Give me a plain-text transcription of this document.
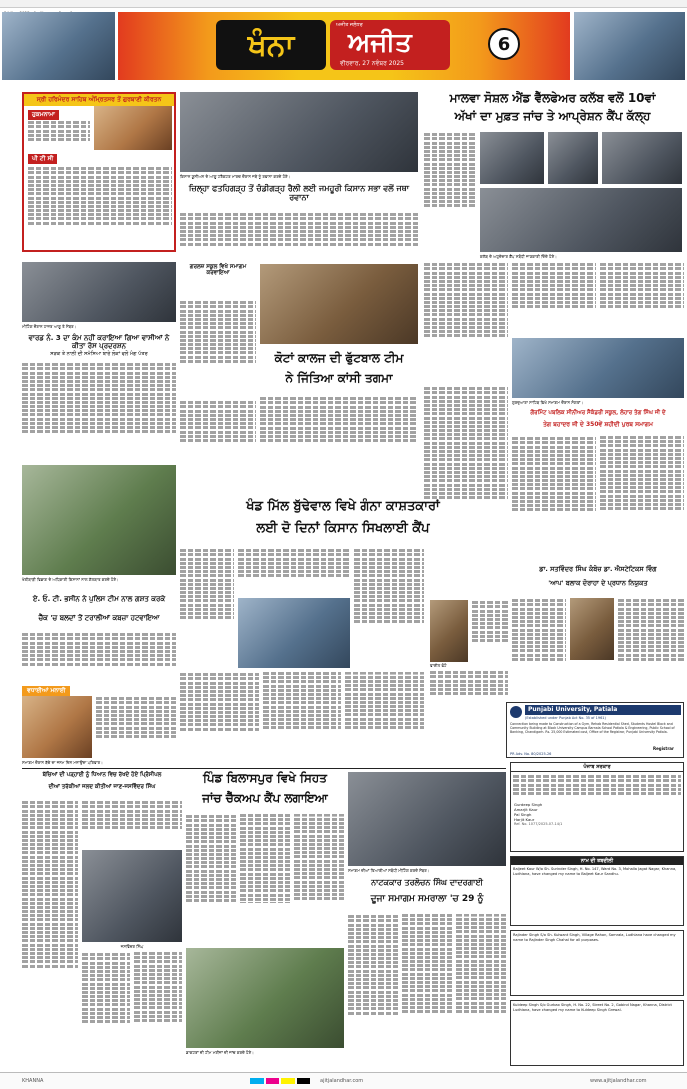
ਖੰਨਾ
ਅਜੀਤ ਜਲੰਧਰ
ਅਜੀਤ
ਵੀਰਵਾਰ, 27 ਨਵੰਬਰ 2025
6
ਸ੍ਰੀ ਹਰਿਮੰਦਰ ਸਾਹਿਬ ਅੰਮ੍ਰਿਤਸਰ ਤੋਂ ਗੁਰਬਾਣੀ ਕੀਰਤਨ
ਹੁਕਮਨਾਮਾ
ਪੀ ਟੀ ਸੀ
ਮੀਟਿੰਗ ਦੌਰਾਨ ਹਾਜ਼ਰ ਆਗੂ ਤੇ ਮੈਂਬਰ।
ਵਾਰਡ ਨੰ. 3 ਦਾ ਕੰਮ ਨਹੀਂ ਕਰਾਇਆ ਗਿਆ ਵਾਸੀਆਂ ਨੇ ਕੀਤਾ ਰੋਸ ਪ੍ਰਦਰਸ਼ਨ
ਸੜਕ ਤੇ ਨਾਲੀ ਦੀ ਸਮੱਸਿਆ ਬਾਰੇ ਲੋਕਾਂ ਵਲੋਂ ਮੰਗ ਪੱਤਰ
ਖੇਤੀਬਾੜੀ ਵਿਭਾਗ ਦੇ ਅਧਿਕਾਰੀ ਕਿਸਾਨਾਂ ਨਾਲ ਗੱਲਬਾਤ ਕਰਦੇ ਹੋਏ।
ਏ. ਓ. ਟੀ. ਭਸੀਨ ਨੇ ਪੁਲਿਸ ਟੀਮ ਨਾਲ ਗਸ਼ਤ ਕਰਕੇ
ਚੈੱਕ 'ਚ ਬਲਦਾਂ ਤੋਂ ਟਰਾਲੀਆਂ ਕਬਜ਼ਾ ਹਟਵਾਇਆ
ਵਧਾਈਆਂ ਮਨਾਈ
ਸਮਾਗਮ ਦੌਰਾਨ ਬੱਚੇ ਦਾ ਜਨਮ ਦਿਨ ਮਨਾਉਂਦਾ ਪਰਿਵਾਰ।
ਕਿਸਾਨ ਯੂਨੀਅਨ ਦੇ ਆਗੂ ਟਰੈਕਟਰ ਮਾਰਚ ਦੌਰਾਨ ਜਥੇ ਨੂੰ ਰਵਾਨਾ ਕਰਦੇ ਹੋਏ।
ਜ਼ਿਲ੍ਹਾ ਫਤਹਿਗੜ੍ਹ ਤੋਂ ਚੰਡੀਗੜ੍ਹ ਰੈਲੀ ਲਈ ਜਮਹੂਰੀ ਕਿਸਾਨ ਸਭਾ ਵਲੋਂ ਜਥਾ ਰਵਾਨਾ
ਗਰਲਜ਼ ਸਕੂਲ ਵਿਖੇ ਸਮਾਗਮ ਕਰਵਾਇਆ
ਕੋਟਾਂ ਕਾਲਜ ਦੀ ਫੁੱਟਬਾਲ ਟੀਮ
ਨੇ ਜਿੱਤਿਆ ਕਾਂਸੀ ਤਗਮਾ
ਖੰਡ ਮਿੱਲ ਬੁੱਢੇਵਾਲ ਵਿਖੇ ਗੰਨਾ ਕਾਸ਼ਤਕਾਰਾਂ
ਲਈ ਦੋ ਦਿਨਾਂ ਕਿਸਾਨ ਸਿਖਲਾਈ ਕੈਂਪ
ਮਾਲਵਾ ਸੋਸ਼ਲ ਐਂਡ ਵੈੱਲਫੇਅਰ ਕਲੱਬ ਵਲੋਂ 10ਵਾਂ
ਅੱਖਾਂ ਦਾ ਮੁਫ਼ਤ ਜਾਂਚ ਤੇ ਆਪ੍ਰੇਸ਼ਨ ਕੈਂਪ ਕੱਲ੍ਹ
ਕਲੱਬ ਦੇ ਅਹੁਦੇਦਾਰ ਕੈਂਪ ਸਬੰਧੀ ਜਾਣਕਾਰੀ ਦਿੰਦੇ ਹੋਏ।
ਗੁਰਦੁਆਰਾ ਸਾਹਿਬ ਵਿਖੇ ਸਮਾਗਮ ਦੌਰਾਨ ਸੰਗਤਾਂ।
ਗੌਰਮਿੰਟ ਪਬਲਿਕ ਸੀਨੀਅਰ ਸੈਕੰਡਰੀ ਸਕੂਲ, ਲੋਹਾਰ ਤੇਗ ਸਿੰਘ ਜੀ ਦੇ
ਤੇਗ ਬਹਾਦਰ ਜੀ ਦੇ 350ਵੇਂ ਸ਼ਹੀਦੀ ਪੁਰਬ ਸਮਾਗਮ
ਡਾ. ਸਤਵਿੰਦਰ ਸਿੰਘ ਕੰਬੋਜ਼ ਡਾ. ਐਸਟੇਟਿਕਸ ਵਿੰਗ
'ਆਪ' ਬਲਾਕ ਦੋਰਾਹਾ ਦੇ ਪ੍ਰਧਾਨ ਨਿਯੁਕਤ
ਫਾਈਲ ਫੋਟੋ
Punjabi University, Patiala
(Established under Punjab Act No. 35 of 1961)
Connection being made to Construction of a Gym, Rehab Residential Shed, Students Hostel Block and Community Building at Block University Campus Barnala School Patiala & Engineering, Public School of Banking, Chandigarh. Rs. 25,000 Estimated cost, Office of the Registrar, Punjabi University Patiala.
Registrar
PR Adv. No. 80/2025-26
ਬੱਚਿਆਂ ਦੀ ਪੜ੍ਹਾਈ ਨੂੰ ਧਿਆਨ ਵਿਚ ਰੱਖਦੇ ਹੋਏ ਪ੍ਰਿੰਸੀਪਲ
ਦੀਆਂ ਤਰੱਕੀਆਂ ਜਲਦ ਕੀਤੀਆਂ ਜਾਣ-ਜਸਵਿੰਦਰ ਸਿੰਘ
ਜਸਵਿੰਦਰ ਸਿੰਘ
ਪਿੰਡ ਬਿਲਾਸਪੁਰ ਵਿਖੇ ਸਿਹਤ
ਜਾਂਚ ਚੈੱਕਅਪ ਕੈਂਪ ਲਗਾਇਆ
ਡਾਕਟਰਾਂ ਦੀ ਟੀਮ ਮਰੀਜ਼ਾਂ ਦੀ ਜਾਂਚ ਕਰਦੇ ਹੋਏ।
ਸਮਾਗਮ ਦੀਆਂ ਤਿਆਰੀਆਂ ਸਬੰਧੀ ਮੀਟਿੰਗ ਕਰਦੇ ਮੈਂਬਰ।
ਨਾਟਕਕਾਰ ਤਰਲੋਚਨ ਸਿੰਘ ਦਾਦਰਗਾਈ
ਦੂਜਾ ਸਮਾਗਮ ਸਮਰਾਲਾ 'ਚ 29 ਨੂੰ
ਪੰਜਾਬ ਸਰਕਾਰ
Gurdeep Singh
Amarjit Kaur
Pal Singh
Harjit Kaur
Ref. No. 1077/2025-07-14/1
ਨਾਮ ਦੀ ਤਬਦੀਲੀ
Baljeet Kaur W/o Sh. Surinder Singh, H. No. 147, Ward No. 3, Mohalla Jagat Nagar, Khanna, Ludhiana, have changed my name to Baljeet Kaur Sandhu.
Rajinder Singh S/o Sh. Kulwant Singh, Village Rahon, Samrala, Ludhiana have changed my name to Rajinder Singh Chahal for all purposes.
Kuldeep Singh S/o Gurbax Singh, H. No. 22, Street No. 2, Gobind Nagar, Khanna, District Ludhiana, have changed my name to Kuldeep Singh Grewal.
KHANNA	ajitjalandhar.com	www.ajitjalandhar.com
